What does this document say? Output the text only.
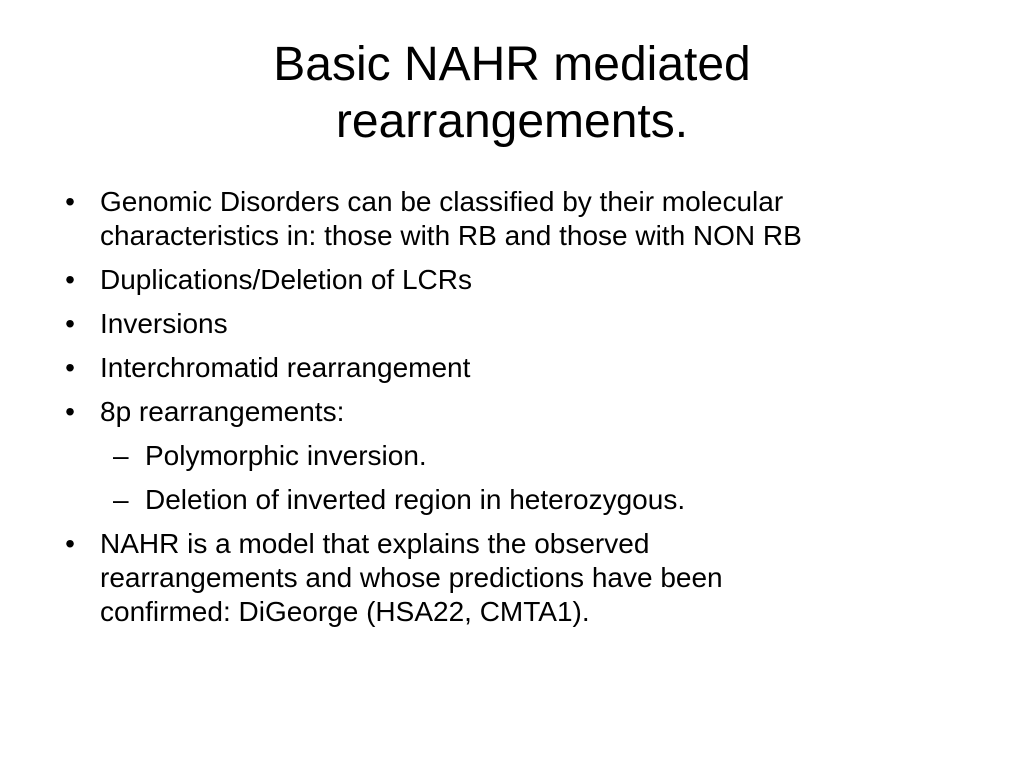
Basic NAHR mediated
rearrangements.
• Genomic Disorders can be classified by their molecular
characteristics in: those with RB and those with NON RB
• Duplications/Deletion of LCRs
• Inversions
• Interchromatid rearrangement
• 8p rearrangements:
– Polymorphic inversion.
– Deletion of inverted region in heterozygous.
• NAHR is a model that explains the observed
rearrangements and whose predictions have been
confirmed: DiGeorge (HSA22, CMTA1).
